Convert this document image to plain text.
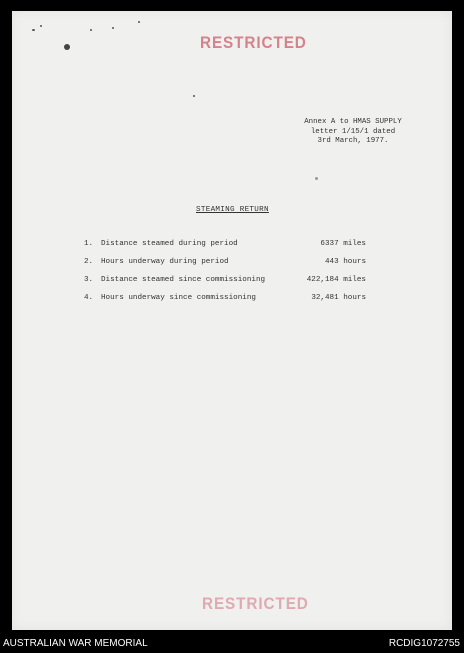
RESTRICTED
Annex A to HMAS SUPPLY
letter 1/15/1 dated
3rd March, 1977.
STEAMING RETURN
1. Distance steamed during period	6337 miles
2. Hours underway during period	443 hours
3. Distance steamed since commissioning	422,184 miles
4. Hours underway since commissioning	32,481 hours
RESTRICTED
AUSTRALIAN WAR MEMORIAL	RCDIG1072755
